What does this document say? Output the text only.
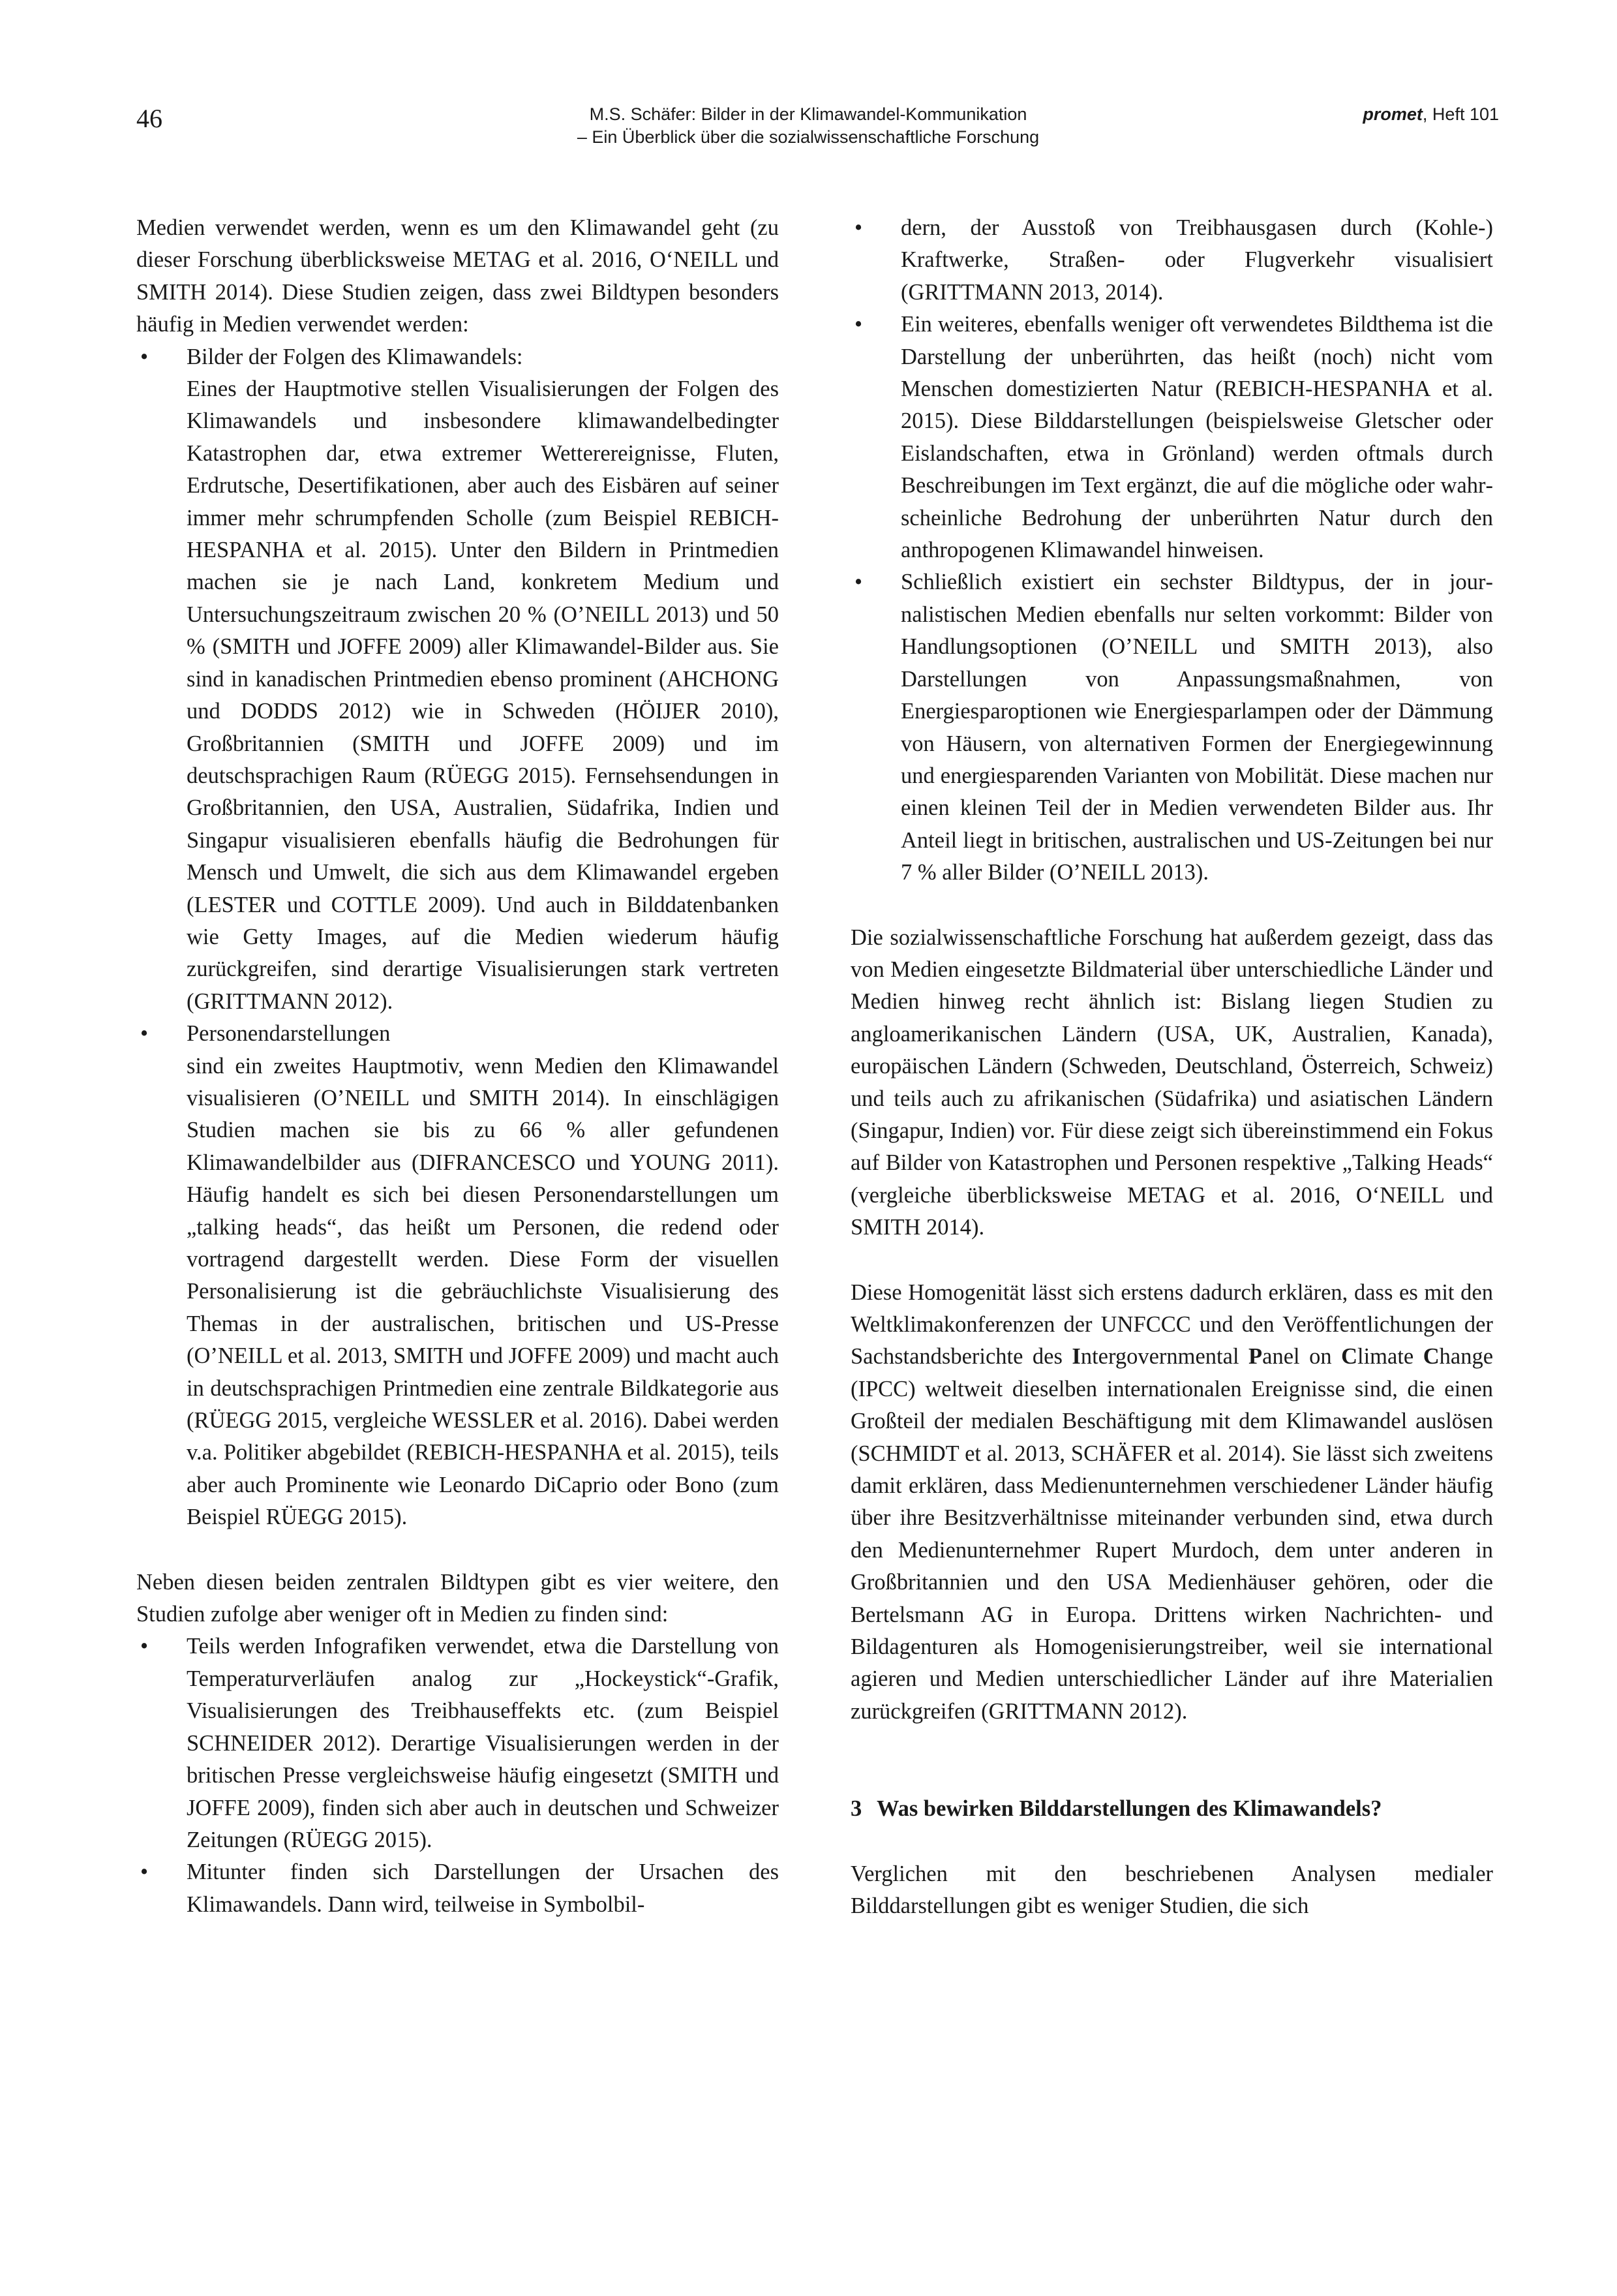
46	M.S. Schäfer: Bilder in der Klimawandel-Kommunikation
– Ein Überblick über die sozialwissenschaftliche Forschung
promet, Heft 101

Medien verwendet werden, wenn es um den Klimawandel geht (zu dieser Forschung überblicksweise METAG et al. 2016, O‘NEILL und SMITH 2014). Diese Studien zeigen, dass zwei Bildtypen besonders häufig in Medien verwendet werden:

• Bilder der Folgen des Klimawandels:
Eines der Hauptmotive stellen Visualisierungen der Folgen des Klimawandels und insbesondere klimawandelbedingter Katastrophen dar, etwa extremer Wetterereignisse, Fluten, Erdrutsche, Desertifikationen, aber auch des Eisbären auf seiner immer mehr schrumpfenden Scholle (zum Beispiel REBICH-HESPANHA et al. 2015). Unter den Bildern in Printmedien machen sie je nach Land, konkretem Medium und Untersuchungszeitraum zwischen 20 % (O’NEILL 2013) und 50 % (SMITH und JOFFE 2009) aller Klimawandel-Bilder aus. Sie sind in kanadischen Printmedien ebenso prominent (AHCHONG und DODDS 2012) wie in Schweden (HÖIJER 2010), Großbritannien (SMITH und JOFFE 2009) und im deutschsprachigen Raum (RÜEGG 2015). Fernsehsendungen in Großbritannien, den USA, Australien, Südafrika, Indien und Singapur visualisieren ebenfalls häufig die Bedrohungen für Mensch und Umwelt, die sich aus dem Klimawandel ergeben (LESTER und COTTLE 2009). Und auch in Bilddatenbanken wie Getty Images, auf die Medien wiederum häufig zurückgreifen, sind derartige Visualisierungen stark vertreten (GRITTMANN 2012).
• Personendarstellungen
sind ein zweites Hauptmotiv, wenn Medien den Klimawandel visualisieren (O’NEILL und SMITH 2014). In einschlägigen Studien machen sie bis zu 66 % aller gefundenen Klimawandelbilder aus (DIFRANCESCO und YOUNG 2011). Häufig handelt es sich bei diesen Personendarstellungen um „talking heads“, das heißt um Personen, die redend oder vortragend dargestellt werden. Diese Form der visuellen Personalisierung ist die gebräuchlichste Visualisierung des Themas in der australischen, britischen und US-Presse (O’NEILL et al. 2013, SMITH und JOFFE 2009) und macht auch in deutschsprachigen Printmedien eine zentrale Bildkategorie aus (RÜEGG 2015, vergleiche WESSLER et al. 2016). Dabei werden v.a. Politiker abgebildet (REBICH-HESPANHA et al. 2015), teils aber auch Prominente wie Leonardo DiCaprio oder Bono (zum Beispiel RÜEGG 2015).

Neben diesen beiden zentralen Bildtypen gibt es vier weitere, den Studien zufolge aber weniger oft in Medien zu finden sind:

• Teils werden Infografiken verwendet, etwa die Darstellung von Temperaturverläufen analog zur „Hockeystick“-Grafik, Visualisierungen des Treibhauseffekts etc. (zum Beispiel SCHNEIDER 2012). Derartige Visualisierungen werden in der britischen Presse vergleichsweise häufig eingesetzt (SMITH und JOFFE 2009), finden sich aber auch in deutschen und Schweizer Zeitungen (RÜEGG 2015).
• Mitunter finden sich Darstellungen der Ursachen des Klimawandels. Dann wird, teilweise in Symbolbil-
• dern, der Ausstoß von Treibhausgasen durch (Kohle-) Kraftwerke, Straßen- oder Flugverkehr visualisiert (GRITTMANN 2013, 2014).
• Ein weiteres, ebenfalls weniger oft verwendetes Bildthema ist die Darstellung der unberührten, das heißt (noch) nicht vom Menschen domestizierten Natur (REBICH-HESPANHA et al. 2015). Diese Bilddarstellungen (beispielsweise Gletscher oder Eislandschaften, etwa in Grönland) werden oftmals durch Beschreibungen im Text ergänzt, die auf die mögliche oder wahrscheinliche Bedrohung der unberührten Natur durch den anthropogenen Klimawandel hinweisen.
• Schließlich existiert ein sechster Bildtypus, der in journalistischen Medien ebenfalls nur selten vorkommt: Bilder von Handlungsoptionen (O’NEILL und SMITH 2013), also Darstellungen von Anpassungsmaßnahmen, von Energiesparoptionen wie Energiesparlampen oder der Dämmung von Häusern, von alternativen Formen der Energiegewinnung und energiesparenden Varianten von Mobilität. Diese machen nur einen kleinen Teil der in Medien verwendeten Bilder aus. Ihr Anteil liegt in britischen, australischen und US-Zeitungen bei nur 7 % aller Bilder (O’NEILL 2013).

Die sozialwissenschaftliche Forschung hat außerdem gezeigt, dass das von Medien eingesetzte Bildmaterial über unterschiedliche Länder und Medien hinweg recht ähnlich ist: Bislang liegen Studien zu angloamerikanischen Ländern (USA, UK, Australien, Kanada), europäischen Ländern (Schweden, Deutschland, Österreich, Schweiz) und teils auch zu afrikanischen (Südafrika) und asiatischen Ländern (Singapur, Indien) vor. Für diese zeigt sich übereinstimmend ein Fokus auf Bilder von Katastrophen und Personen respektive „Talking Heads“ (vergleiche überblicksweise METAG et al. 2016, O‘NEILL und SMITH 2014).

Diese Homogenität lässt sich erstens dadurch erklären, dass es mit den Weltklimakonferenzen der UNFCCC und den Veröffentlichungen der Sachstandsberichte des Intergovernmental Panel on Climate Change (IPCC) weltweit dieselben internationalen Ereignisse sind, die einen Großteil der medialen Beschäftigung mit dem Klimawandel auslösen (SCHMIDT et al. 2013, SCHÄFER et al. 2014). Sie lässt sich zweitens damit erklären, dass Medienunternehmen verschiedener Länder häufig über ihre Besitzverhältnisse miteinander verbunden sind, etwa durch den Medienunternehmer Rupert Murdoch, dem unter anderen in Großbritannien und den USA Medienhäuser gehören, oder die Bertelsmann AG in Europa. Drittens wirken Nachrichten- und Bildagenturen als Homogenisierungstreiber, weil sie international agieren und Medien unterschiedlicher Länder auf ihre Materialien zurückgreifen (GRITTMANN 2012).

3 Was bewirken Bilddarstellungen des Klimawandels?

Verglichen mit den beschriebenen Analysen medialer Bilddarstellungen gibt es weniger Studien, die sich
